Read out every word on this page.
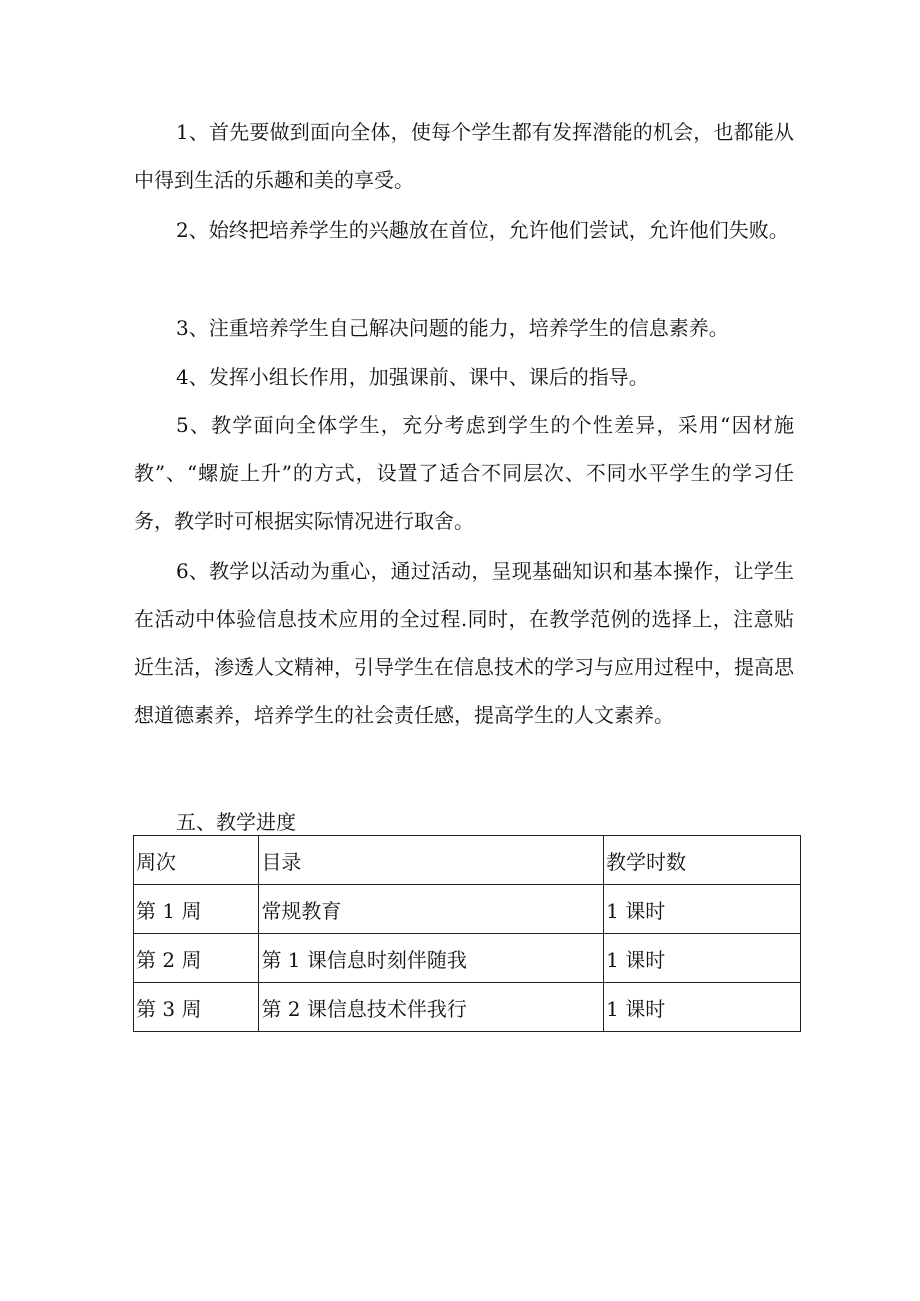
1、首先要做到面向全体，使每个学生都有发挥潜能的机会，也都能从中得到生活的乐趣和美的享受。

2、始终把培养学生的兴趣放在首位，允许他们尝试，允许他们失败。

3、注重培养学生自己解决问题的能力，培养学生的信息素养。

4、发挥小组长作用，加强课前、课中、课后的指导。

5、教学面向全体学生，充分考虑到学生的个性差异，采用“因材施教”、“螺旋上升”的方式，设置了适合不同层次、不同水平学生的学习任务，教学时可根据实际情况进行取舍。

6、教学以活动为重心，通过活动，呈现基础知识和基本操作，让学生在活动中体验信息技术应用的全过程.同时，在教学范例的选择上，注意贴近生活，渗透人文精神，引导学生在信息技术的学习与应用过程中，提高思想道德素养，培养学生的社会责任感，提高学生的人文素养。

五、教学进度

周次	目录	教学时数
第 1 周	常规教育	1 课时
第 2 周	第 1 课信息时刻伴随我	1 课时
第 3 周	第 2 课信息技术伴我行	1 课时
